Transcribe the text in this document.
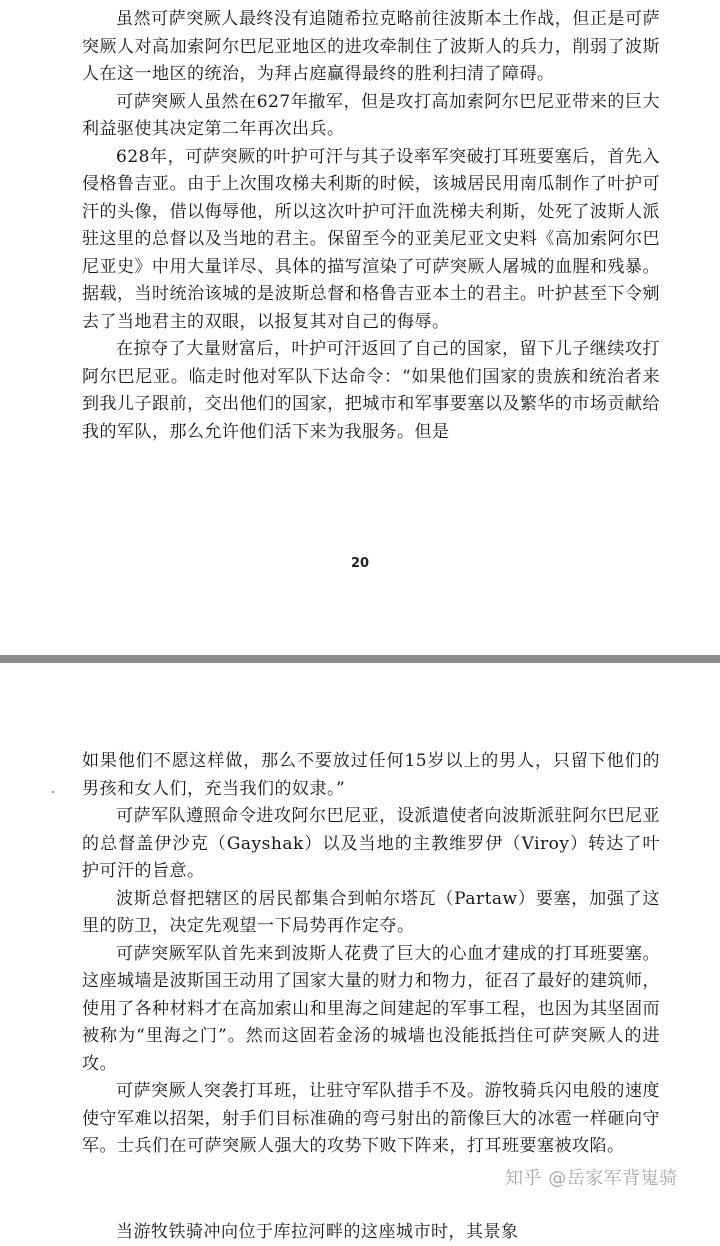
虽然可萨突厥人最终没有追随希拉克略前往波斯本土作战，但正是可萨突厥人对高加索阿尔巴尼亚地区的进攻牵制住了波斯人的兵力，削弱了波斯人在这一地区的统治，为拜占庭赢得最终的胜利扫清了障碍。

可萨突厥人虽然在627年撤军，但是攻打高加索阿尔巴尼亚带来的巨大利益驱使其决定第二年再次出兵。

628年，可萨突厥的叶护可汗与其子设率军突破打耳班要塞后，首先入侵格鲁吉亚。由于上次围攻梯夫利斯的时候，该城居民用南瓜制作了叶护可汗的头像，借以侮辱他，所以这次叶护可汗血洗梯夫利斯，处死了波斯人派驻这里的总督以及当地的君主。保留至今的亚美尼亚文史料《高加索阿尔巴尼亚史》中用大量详尽、具体的描写渲染了可萨突厥人屠城的血腥和残暴。据载，当时统治该城的是波斯总督和格鲁吉亚本土的君主。叶护甚至下令剜去了当地君主的双眼，以报复其对自己的侮辱。

在掠夺了大量财富后，叶护可汗返回了自己的国家，留下儿子继续攻打阿尔巴尼亚。临走时他对军队下达命令：“如果他们国家的贵族和统治者来到我儿子跟前，交出他们的国家，把城市和军事要塞以及繁华的市场贡献给我的军队，那么允许他们活下来为我服务。但是

20

如果他们不愿这样做，那么不要放过任何15岁以上的男人，只留下他们的男孩和女人们，充当我们的奴隶。”

可萨军队遵照命令进攻阿尔巴尼亚，设派遣使者向波斯派驻阿尔巴尼亚的总督盖伊沙克（Gayshak）以及当地的主教维罗伊（Viroy）转达了叶护可汗的旨意。

波斯总督把辖区的居民都集合到帕尔塔瓦（Partaw）要塞，加强了这里的防卫，决定先观望一下局势再作定夺。

可萨突厥军队首先来到波斯人花费了巨大的心血才建成的打耳班要塞。这座城墙是波斯国王动用了国家大量的财力和物力，征召了最好的建筑师，使用了各种材料才在高加索山和里海之间建起的军事工程，也因为其坚固而被称为“里海之门”。然而这固若金汤的城墙也没能抵挡住可萨突厥人的进攻。

可萨突厥人突袭打耳班，让驻守军队措手不及。游牧骑兵闪电般的速度使守军难以招架，射手们目标准确的弯弓射出的箭像巨大的冰雹一样砸向守军。士兵们在可萨突厥人强大的攻势下败下阵来，打耳班要塞被攻陷。

当游牧铁骑冲向位于库拉河畔的这座城市时，其景象
知乎 @岳家军背嵬骑
